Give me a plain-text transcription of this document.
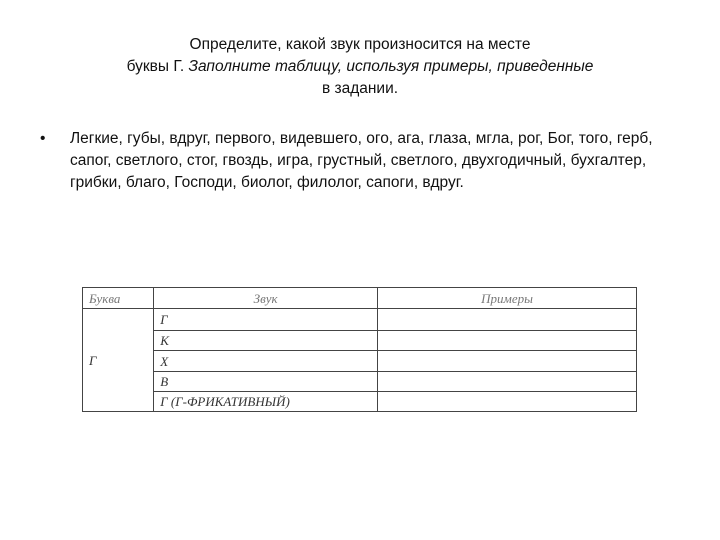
Определите, какой звук произносится на месте
буквы Г. Заполните таблицу, используя примеры, приведенные
в задании.
• Легкие, губы, вдруг, первого, видевшего, ого, ага, глаза, мгла, рог, Бог, того, герб, сапог, светлого, стог, гвоздь, игра, грустный, светлого, двухгодичный, бухгалтер, грибки, благо, Господи, биолог, филолог, сапоги, вдруг.
Буква	Звук	Примеры
Г	Г	
	К	
	Х	
	В	
	Г (Г-ФРИКАТИВНЫЙ)	
